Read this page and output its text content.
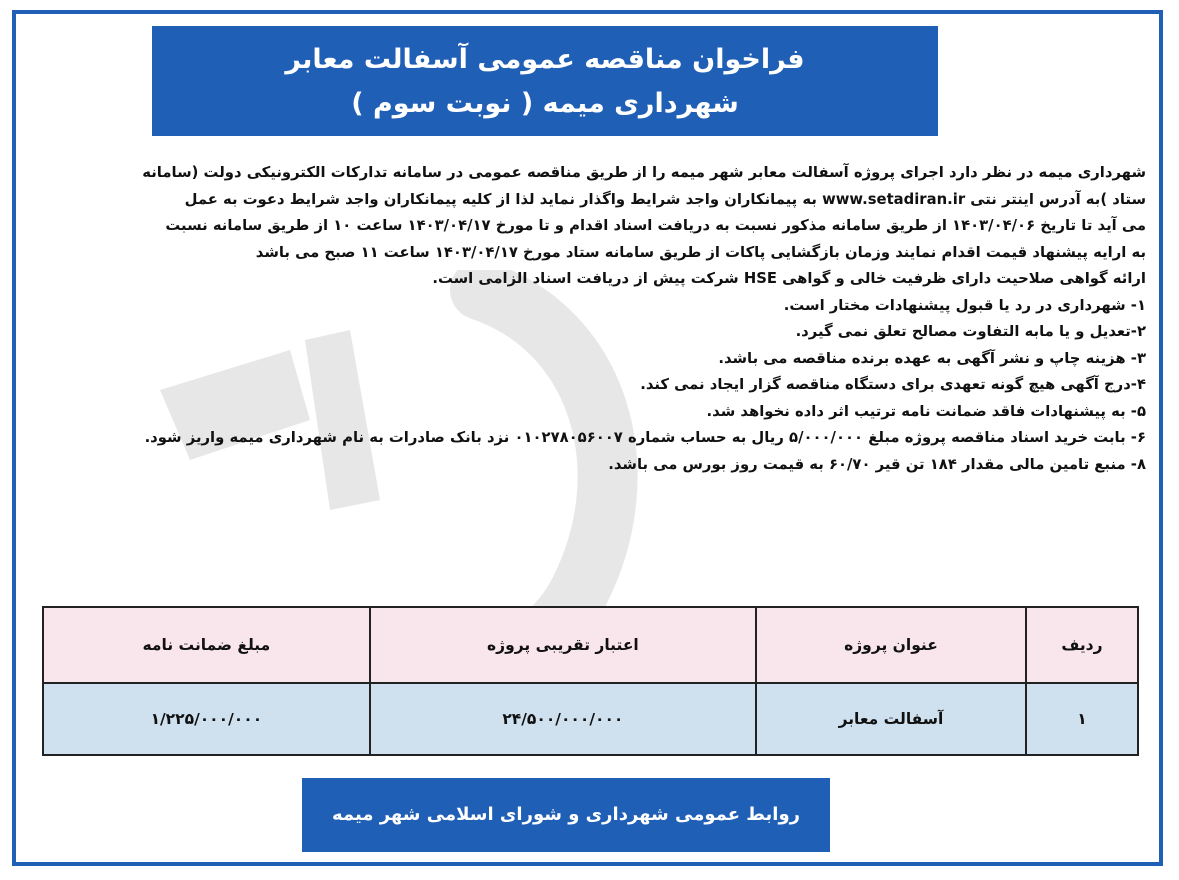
فراخوان مناقصه عمومی آسفالت معابر
شهرداری میمه ( نوبت سوم )

شهرداری میمه در نظر دارد اجرای پروژه آسفالت معابر شهر میمه را از طریق مناقصه عمومی در سامانه تدارکات الکترونیکی دولت (سامانه

ستاد )به آدرس اینتر نتی www.setadiran.ir به پیمانکاران واجد شرایط واگذار نماید لذا از کلیه پیمانکاران واجد شرایط دعوت به عمل

می آید تا تاریخ ۱۴۰۳/۰۴/۰۶ از طریق سامانه مذکور نسبت به دریافت اسناد اقدام و تا مورخ ۱۴۰۳/۰۴/۱۷ ساعت ۱۰ از طریق سامانه نسبت

به ارایه پیشنهاد قیمت اقدام نمایند وزمان بازگشایی پاکات از طریق سامانه ستاد مورخ ۱۴۰۳/۰۴/۱۷ ساعت ۱۱ صبح می باشد

ارائه گواهی صلاحیت دارای ظرفیت خالی و گواهی HSE شرکت پیش از دریافت اسناد الزامی است.

۱- شهرداری در رد یا قبول پیشنهادات مختار است.

۲-تعدیل و یا مابه التفاوت مصالح تعلق نمی گیرد.

۳- هزینه چاپ و نشر آگهی به عهده برنده مناقصه می باشد.

۴-درج آگهی هیچ گونه تعهدی برای دستگاه مناقصه گزار ایجاد نمی کند.

۵- به پیشنهادات فاقد ضمانت نامه ترتیب اثر داده نخواهد شد.

۶- بابت خرید اسناد مناقصه پروژه مبلغ ۵/۰۰۰/۰۰۰ ریال به حساب شماره ۰۱۰۲۷۸۰۵۶۰۰۷ نزد بانک صادرات به نام شهرداری میمه واریز شود.

۸- منبع تامین مالی مقدار ۱۸۴ تن قیر ۶۰/۷۰ به قیمت روز بورس می باشد.

ردیف	عنوان پروژه	اعتبار تقریبی پروژه	مبلغ ضمانت نامه
۱	آسفالت معابر	۲۴/۵۰۰/۰۰۰/۰۰۰	۱/۲۲۵/۰۰۰/۰۰۰
روابط عمومی شهرداری و شورای اسلامی شهر میمه
